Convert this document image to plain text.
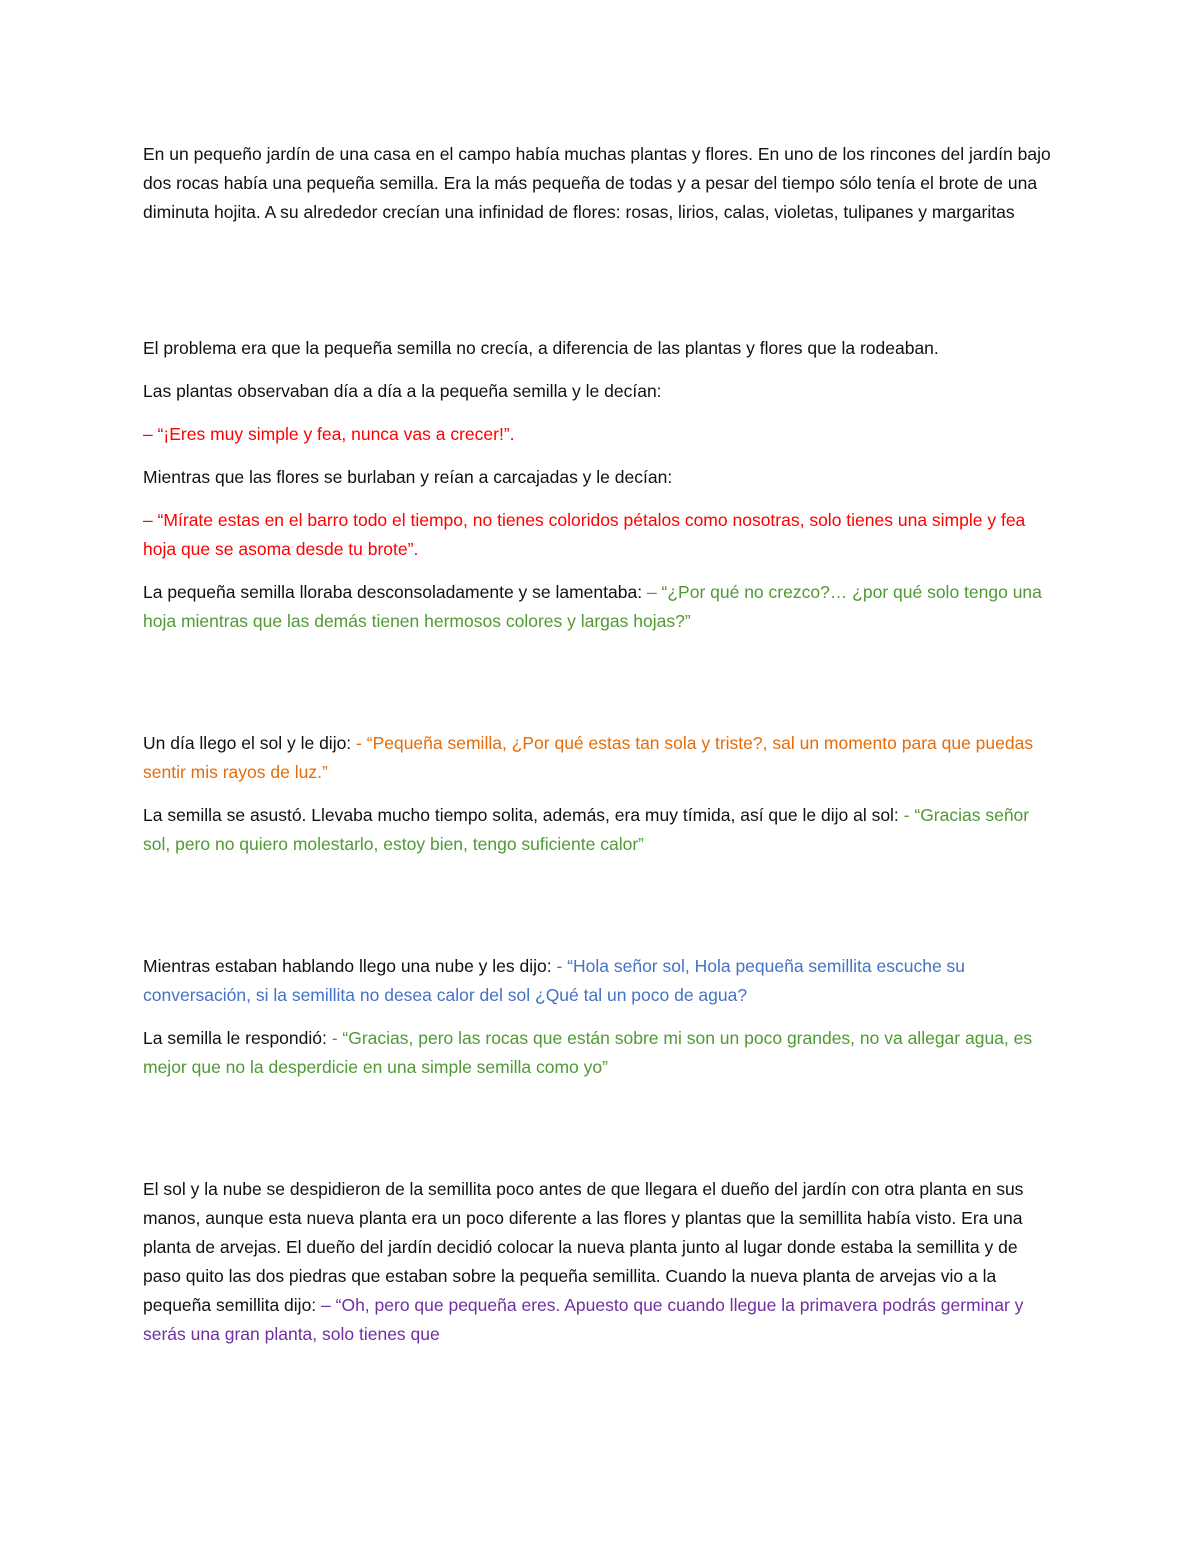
En un pequeño jardín de una casa en el campo había muchas plantas y flores. En uno de los rincones del jardín bajo dos rocas había una pequeña semilla. Era la más pequeña de todas y a pesar del tiempo sólo tenía el brote de una diminuta hojita. A su alrededor crecían una infinidad de flores: rosas, lirios, calas, violetas, tulipanes y margaritas

El problema era que la pequeña semilla no crecía, a diferencia de las plantas y flores que la rodeaban.

Las plantas observaban día a día a la pequeña semilla y le decían:

– “¡Eres muy simple y fea, nunca vas a crecer!”.

Mientras que las flores se burlaban y reían a carcajadas y le decían:

– “Mírate estas en el barro todo el tiempo, no tienes coloridos pétalos como nosotras, solo tienes una simple y fea hoja que se asoma desde tu brote”.

La pequeña semilla lloraba desconsoladamente y se lamentaba: – “¿Por qué no crezco?… ¿por qué solo tengo una hoja mientras que las demás tienen hermosos colores y largas hojas?”

Un día llego el sol y le dijo: - “Pequeña semilla, ¿Por qué estas tan sola y triste?, sal un momento para que puedas sentir mis rayos de luz.”

La semilla se asustó. Llevaba mucho tiempo solita, además, era muy tímida, así que le dijo al sol: - “Gracias señor sol, pero no quiero molestarlo, estoy bien, tengo suficiente calor”

Mientras estaban hablando llego una nube y les dijo: - “Hola señor sol, Hola pequeña semillita escuche su conversación, si la semillita no desea calor del sol ¿Qué tal un poco de agua?

La semilla le respondió: - “Gracias, pero las rocas que están sobre mi son un poco grandes, no va allegar agua, es mejor que no la desperdicie en una simple semilla como yo”

El sol y la nube se despidieron de la semillita poco antes de que llegara el dueño del jardín con otra planta en sus manos, aunque esta nueva planta era un poco diferente a las flores y plantas que la semillita había visto. Era una planta de arvejas. El dueño del jardín decidió colocar la nueva planta junto al lugar donde estaba la semillita y de paso quito las dos piedras que estaban sobre la pequeña semillita. Cuando la nueva planta de arvejas vio a la pequeña semillita dijo: – “Oh, pero que pequeña eres. Apuesto que cuando llegue la primavera podrás germinar y serás una gran planta, solo tienes que
